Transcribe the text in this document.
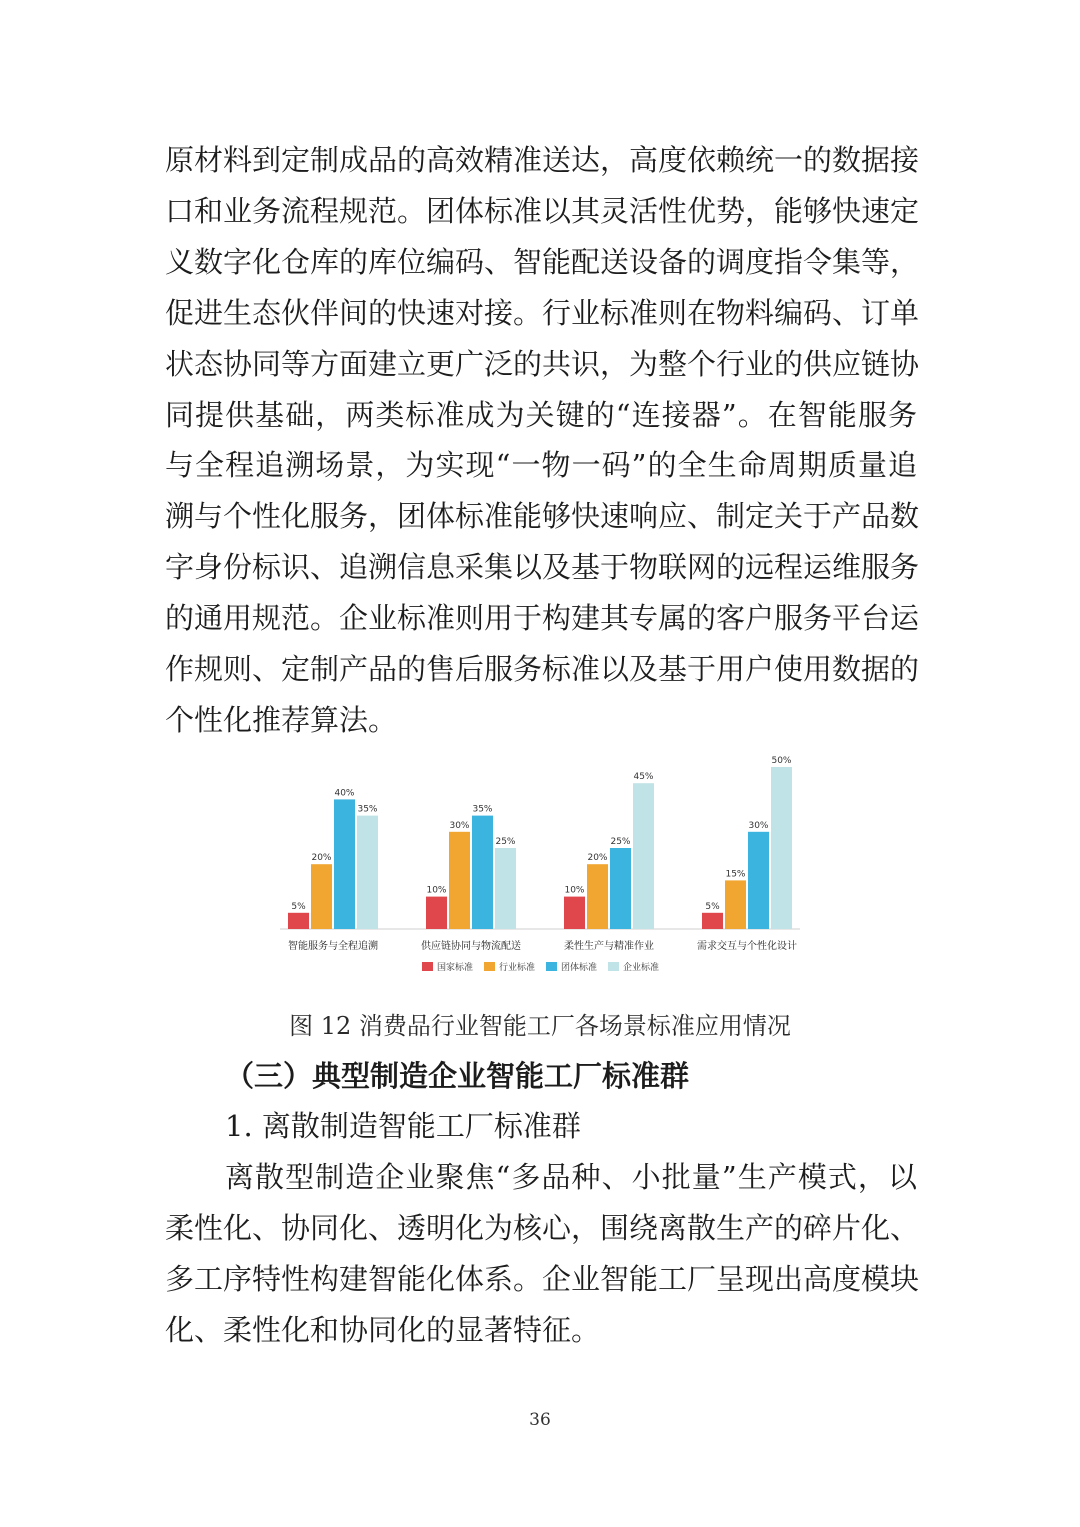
原材料到定制成品的高效精准送达，高度依赖统一的数据接
口和业务流程规范。团体标准以其灵活性优势，能够快速定
义数字化仓库的库位编码、智能配送设备的调度指令集等，
促进生态伙伴间的快速对接。行业标准则在物料编码、订单
状态协同等方面建立更广泛的共识，为整个行业的供应链协
同提供基础，两类标准成为关键的“连接器”。在智能服务
与全程追溯场景，为实现“一物一码”的全生命周期质量追
溯与个性化服务，团体标准能够快速响应、制定关于产品数
字身份标识、追溯信息采集以及基于物联网的远程运维服务
的通用规范。企业标准则用于构建其专属的客户服务平台运
作规则、定制产品的售后服务标准以及基于用户使用数据的
个性化推荐算法。
5%
20%
40%
35%
智能服务与全程追溯
10%
30%
35%
25%
供应链协同与物流配送
10%
20%
25%
45%
柔性生产与精准作业
5%
15%
30%
50%
需求交互与个性化设计
国家标准	行业标准	团体标准	企业标准
图 12 消费品行业智能工厂各场景标准应用情况
（三）典型制造企业智能工厂标准群
1. 离散制造智能工厂标准群
离散型制造企业聚焦“多品种、小批量”生产模式，以
柔性化、协同化、透明化为核心，围绕离散生产的碎片化、
多工序特性构建智能化体系。企业智能工厂呈现出高度模块
化、柔性化和协同化的显著特征。
36
